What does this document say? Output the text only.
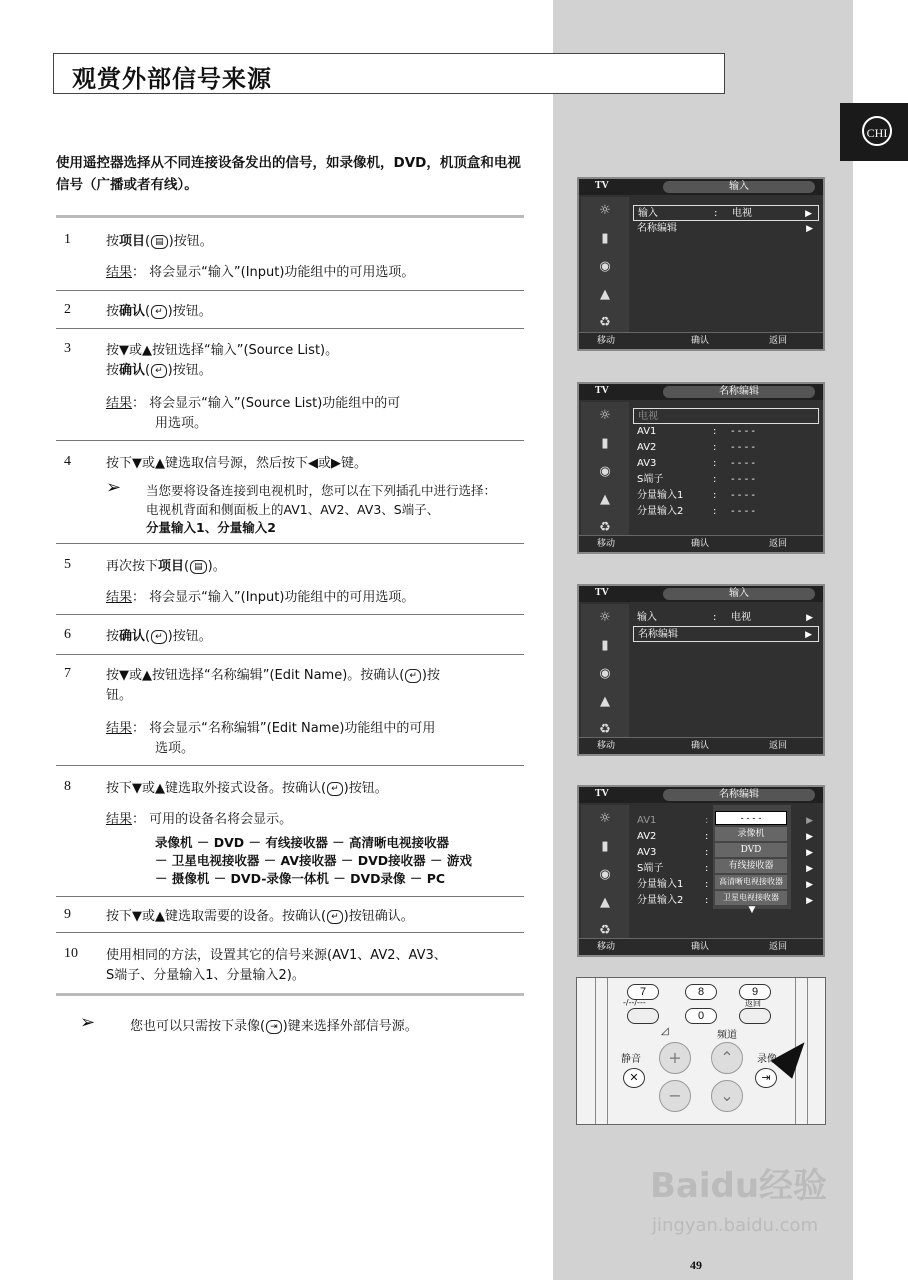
CHI
观赏外部信号来源
使用遥控器选择从不同连接设备发出的信号，如录像机，DVD，机顶盒和电视信号（广播或者有线）。
1	按项目( ▤ )按钮。
结果： 将会显示“输入”(Input)功能组中的可用选项。
2	按确认( ↵ )按钮。
3	按▼或▲按钮选择“输入”(Source List)。
按确认( ↵ )按钮。
结果： 将会显示“输入”(Source List)功能组中的可
用选项。
4	按下▼或▲键选取信号源，然后按下◀或▶键。
➢ 当您要将设备连接到电视机时，您可以在下列插孔中进行选择：
电视机背面和侧面板上的AV1、AV2、AV3、S端子、
分量输入1、分量输入2
5	再次按下项目( ▤ )。
结果： 将会显示“输入”(Input)功能组中的可用选项。
6	按确认( ↵ )按钮。
7	按▼或▲按钮选择“名称编辑”(Edit Name)。按确认( ↵ )按
钮。
结果： 将会显示“名称编辑”(Edit Name)功能组中的可用
选项。
8	按下▼或▲键选取外接式设备。按确认( ↵ )按钮。
结果： 可用的设备名将会显示。
录像机 － DVD － 有线接收器 － 高清晰电视接收器
－ 卫星电视接收器 － AV接收器 － DVD接收器 － 游戏
－ 摄像机 － DVD-录像一体机 － DVD录像 － PC
9	按下▼或▲键选取需要的设备。按确认( ↵ )按钮确认。
10 使用相同的方法，设置其它的信号来源(AV1、AV2、AV3、
S端子、分量输入1、分量输入2)。
➢	您也可以只需按下录像( ⇥ )键来选择外部信号源。
TV	输入
☼
▮
◉
▲
♻
输入	: 电视	▶
名称编辑	▶
移动	确认	返回
TV	名称编辑
☼
▮
◉
▲
♻
电视
AV1	: - - - -
AV2	: - - - -
AV3	: - - - -
S端子	: - - - -
分量输入1	: - - - -
分量输入2	: - - - -
移动	确认	返回
TV	输入
☼
▮
◉
▲
♻
输入	: 电视	▶
名称编辑	▶
移动	确认	返回
TV	名称编辑
☼
▮
◉
▲
♻
AV1	:	▶
AV2	:	▶
AV3	:	▶
S端子	:	▶
分量输入1 :	▶
分量输入2 :	▶
- - - -
录像机
DVD
有线接收器
高清晰电视接收器
卫星电视接收器
▼
移动	确认	返回
7	8	9
-/--/---	返回
0
◿	频道
静音	录像
+	⌃
−	⌄
✕	⇥
Baidu经验
jingyan.baidu.com
49
